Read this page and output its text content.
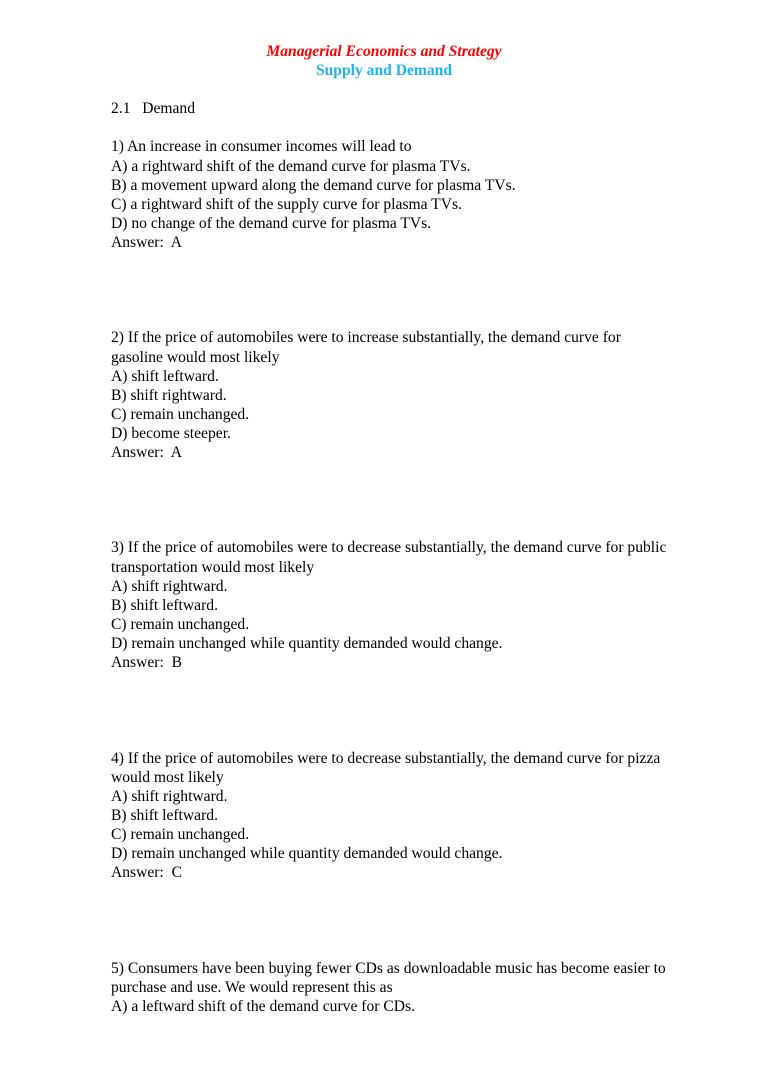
Managerial Economics and Strategy
Supply and Demand
2.1   Demand
1) An increase in consumer incomes will lead to
A) a rightward shift of the demand curve for plasma TVs.
B) a movement upward along the demand curve for plasma TVs.
C) a rightward shift of the supply curve for plasma TVs.
D) no change of the demand curve for plasma TVs.
Answer:  A
2) If the price of automobiles were to increase substantially, the demand curve for gasoline would most likely
A) shift leftward.
B) shift rightward.
C) remain unchanged.
D) become steeper.
Answer:  A
3) If the price of automobiles were to decrease substantially, the demand curve for public transportation would most likely
A) shift rightward.
B) shift leftward.
C) remain unchanged.
D) remain unchanged while quantity demanded would change.
Answer:  B
4) If the price of automobiles were to decrease substantially, the demand curve for pizza would most likely
A) shift rightward.
B) shift leftward.
C) remain unchanged.
D) remain unchanged while quantity demanded would change.
Answer:  C
5) Consumers have been buying fewer CDs as downloadable music has become easier to purchase and use. We would represent this as
A) a leftward shift of the demand curve for CDs.
